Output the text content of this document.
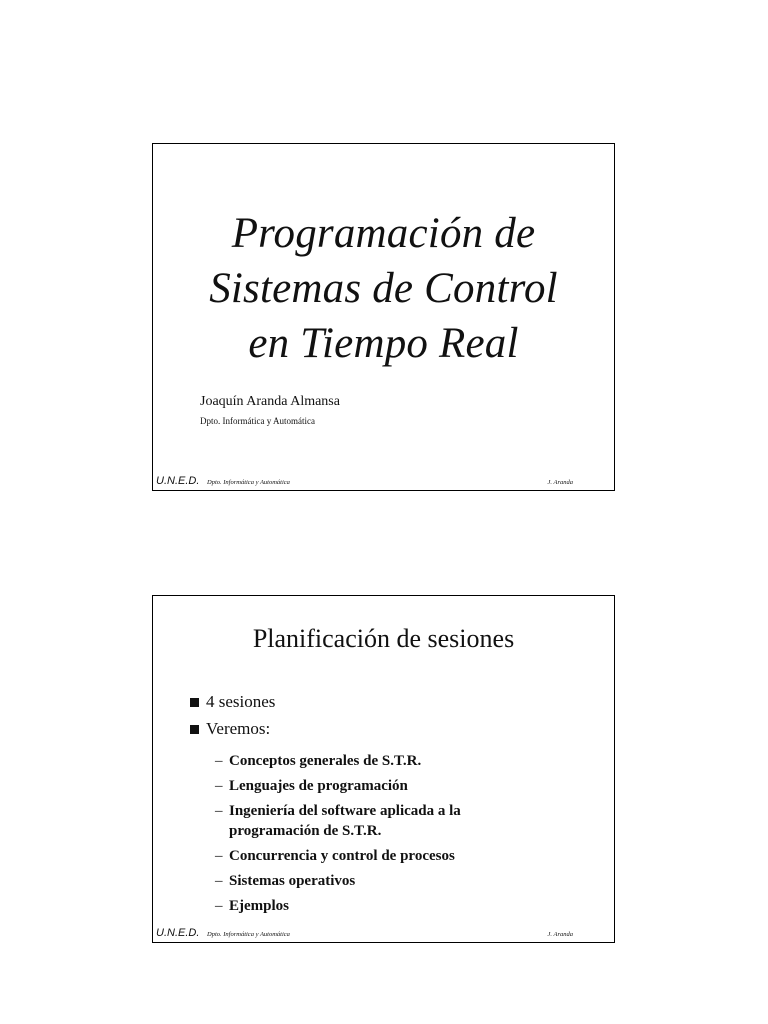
Programación de
Sistemas de Control
en Tiempo Real
Joaquín Aranda Almansa
Dpto. Informática y Automática
U.N.E.D. Dpto. Informática y Automática	J. Aranda
Planificación de sesiones
4 sesiones
Veremos:
– Conceptos generales de S.T.R.
– Lenguajes de programación
– Ingeniería del software aplicada a la programación de S.T.R.
– Concurrencia y control de procesos
– Sistemas operativos
– Ejemplos
U.N.E.D. Dpto. Informática y Automática	J. Aranda
